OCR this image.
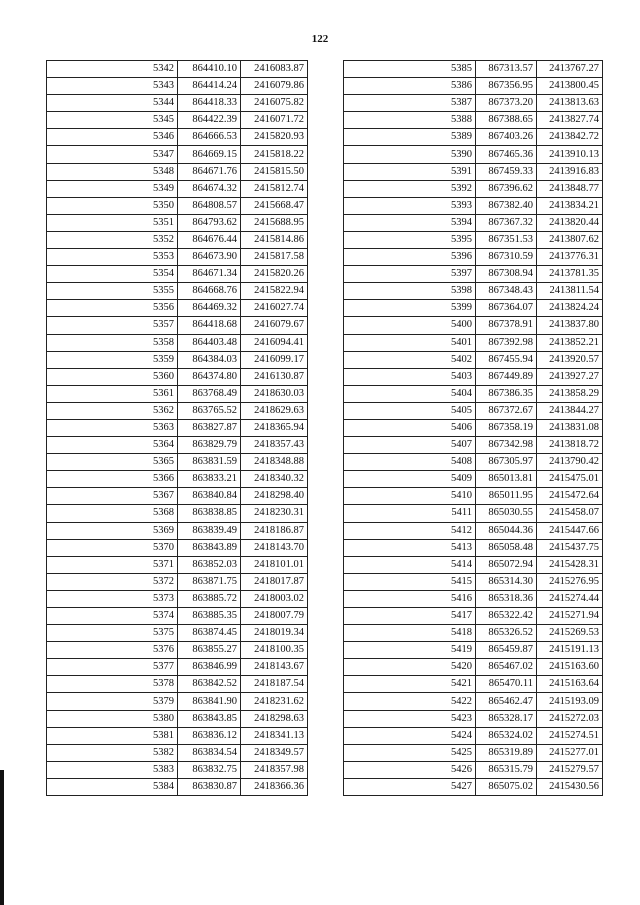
122
5342	864410.10	2416083.87
5343	864414.24	2416079.86
5344	864418.33	2416075.82
5345	864422.39	2416071.72
5346	864666.53	2415820.93
5347	864669.15	2415818.22
5348	864671.76	2415815.50
5349	864674.32	2415812.74
5350	864808.57	2415668.47
5351	864793.62	2415688.95
5352	864676.44	2415814.86
5353	864673.90	2415817.58
5354	864671.34	2415820.26
5355	864668.76	2415822.94
5356	864469.32	2416027.74
5357	864418.68	2416079.67
5358	864403.48	2416094.41
5359	864384.03	2416099.17
5360	864374.80	2416130.87
5361	863768.49	2418630.03
5362	863765.52	2418629.63
5363	863827.87	2418365.94
5364	863829.79	2418357.43
5365	863831.59	2418348.88
5366	863833.21	2418340.32
5367	863840.84	2418298.40
5368	863838.85	2418230.31
5369	863839.49	2418186.87
5370	863843.89	2418143.70
5371	863852.03	2418101.01
5372	863871.75	2418017.87
5373	863885.72	2418003.02
5374	863885.35	2418007.79
5375	863874.45	2418019.34
5376	863855.27	2418100.35
5377	863846.99	2418143.67
5378	863842.52	2418187.54
5379	863841.90	2418231.62
5380	863843.85	2418298.63
5381	863836.12	2418341.13
5382	863834.54	2418349.57
5383	863832.75	2418357.98
5384	863830.87	2418366.36
5385	867313.57	2413767.27
5386	867356.95	2413800.45
5387	867373.20	2413813.63
5388	867388.65	2413827.74
5389	867403.26	2413842.72
5390	867465.36	2413910.13
5391	867459.33	2413916.83
5392	867396.62	2413848.77
5393	867382.40	2413834.21
5394	867367.32	2413820.44
5395	867351.53	2413807.62
5396	867310.59	2413776.31
5397	867308.94	2413781.35
5398	867348.43	2413811.54
5399	867364.07	2413824.24
5400	867378.91	2413837.80
5401	867392.98	2413852.21
5402	867455.94	2413920.57
5403	867449.89	2413927.27
5404	867386.35	2413858.29
5405	867372.67	2413844.27
5406	867358.19	2413831.08
5407	867342.98	2413818.72
5408	867305.97	2413790.42
5409	865013.81	2415475.01
5410	865011.95	2415472.64
5411	865030.55	2415458.07
5412	865044.36	2415447.66
5413	865058.48	2415437.75
5414	865072.94	2415428.31
5415	865314.30	2415276.95
5416	865318.36	2415274.44
5417	865322.42	2415271.94
5418	865326.52	2415269.53
5419	865459.87	2415191.13
5420	865467.02	2415163.60
5421	865470.11	2415163.64
5422	865462.47	2415193.09
5423	865328.17	2415272.03
5424	865324.02	2415274.51
5425	865319.89	2415277.01
5426	865315.79	2415279.57
5427	865075.02	2415430.56
